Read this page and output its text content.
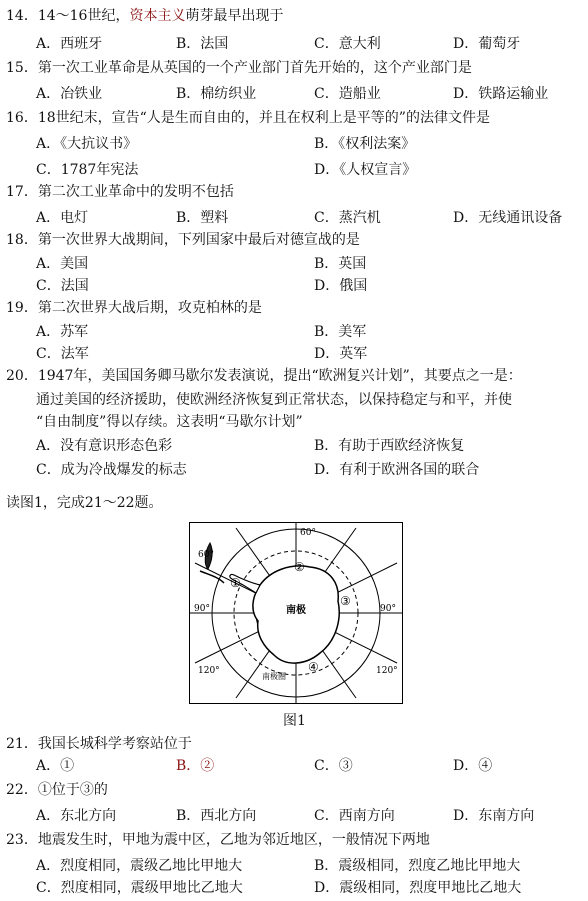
14．14～16世纪，资本主义萌芽最早出现于
A．西班牙	B．法国	C．意大利	D．葡萄牙
15．第一次工业革命是从英国的一个产业部门首先开始的，这个产业部门是
A．冶铁业	B．棉纺织业	C．造船业	D．铁路运输业
16．18世纪末，宣告“人是生而自由的，并且在权利上是平等的”的法律文件是
A．《大抗议书》	B．《权利法案》
C．1787年宪法	D．《人权宣言》
17．第二次工业革命中的发明不包括
A．电灯	B．塑料	C．蒸汽机	D．无线通讯设备
18．第一次世界大战期间，下列国家中最后对德宣战的是
A．美国	B．英国
C．法国	D．俄国
19．第二次世界大战后期，攻克柏林的是
A．苏军	B．美军
C．法军	D．英军
20．1947年，美国国务卿马歇尔发表演说，提出“欧洲复兴计划”，其要点之一是：
通过美国的经济援助，使欧洲经济恢复到正常状态，以保持稳定与和平，并使
“自由制度”得以存续。这表明“马歇尔计划”
A．没有意识形态色彩	B．有助于西欧经济恢复
C．成为冷战爆发的标志	D．有利于欧洲各国的联合
读图1，完成21～22题。
60°
60°
90°	90°
120°	120°
南极
南极圈
①
②
③
④
图1
21．我国长城科学考察站位于
A．①	B．②	C．③	D．④
22．①位于③的
A．东北方向	B．西北方向	C．西南方向	D．东南方向
23．地震发生时，甲地为震中区，乙地为邻近地区，一般情况下两地
A．烈度相同，震级乙地比甲地大	B．震级相同，烈度乙地比甲地大
C．烈度相同，震级甲地比乙地大	D．震级相同，烈度甲地比乙地大
